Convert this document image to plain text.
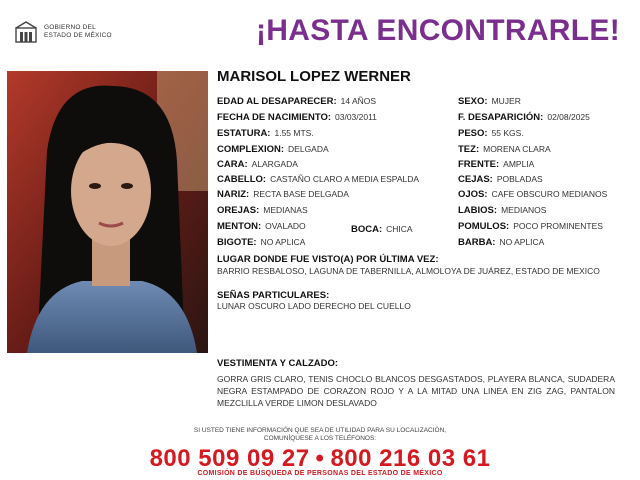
GOBIERNO DEL
ESTADO DE MÉXICO	¡HASTA ENCONTRARLE!
MARISOL LOPEZ WERNER
EDAD AL DESAPARECER: 14 AÑOS
FECHA DE NACIMIENTO: 03/03/2011
ESTATURA: 1.55 MTS.
COMPLEXION: DELGADA
CARA: ALARGADA
CABELLO: CASTAÑO CLARO A MEDIA ESPALDA
NARIZ: RECTA BASE DELGADA
OREJAS: MEDIANAS
MENTON: OVALADO	BOCA: CHICA
BIGOTE: NO APLICA
SEXO: MUJER
F. DESAPARICIÓN: 02/08/2025
PESO: 55 KGS.
TEZ: MORENA CLARA
FRENTE: AMPLIA
CEJAS: POBLADAS
OJOS: CAFE OBSCURO MEDIANOS
LABIOS: MEDIANOS
POMULOS: POCO PROMINENTES
BARBA: NO APLICA
LUGAR DONDE FUE VISTO(A) POR ÚLTIMA VEZ:
BARRIO RESBALOSO, LAGUNA DE TABERNILLA, ALMOLOYA DE JUÁREZ, ESTADO DE MEXICO
SEÑAS PARTICULARES:
LUNAR OSCURO LADO DERECHO DEL CUELLO
VESTIMENTA Y CALZADO:
GORRA GRIS CLARO, TENIS CHOCLO BLANCOS DESGASTADOS, PLAYERA BLANCA, SUDADERA NEGRA ESTAMPADO DE CORAZON ROJO Y A LA MITAD UNA LINEA EN ZIG ZAG, PANTALON MEZCLILLA VERDE LIMON DESLAVADO
SI USTED TIENE INFORMACIÓN QUE SEA DE UTILIDAD PARA SU LOCALIZACIÓN,
COMUNÍQUESE A LOS TELÉFONOS:
800 509 09 27 • 800 216 03 61
COMISIÓN DE BÚSQUEDA DE PERSONAS DEL ESTADO DE MÉXICO
